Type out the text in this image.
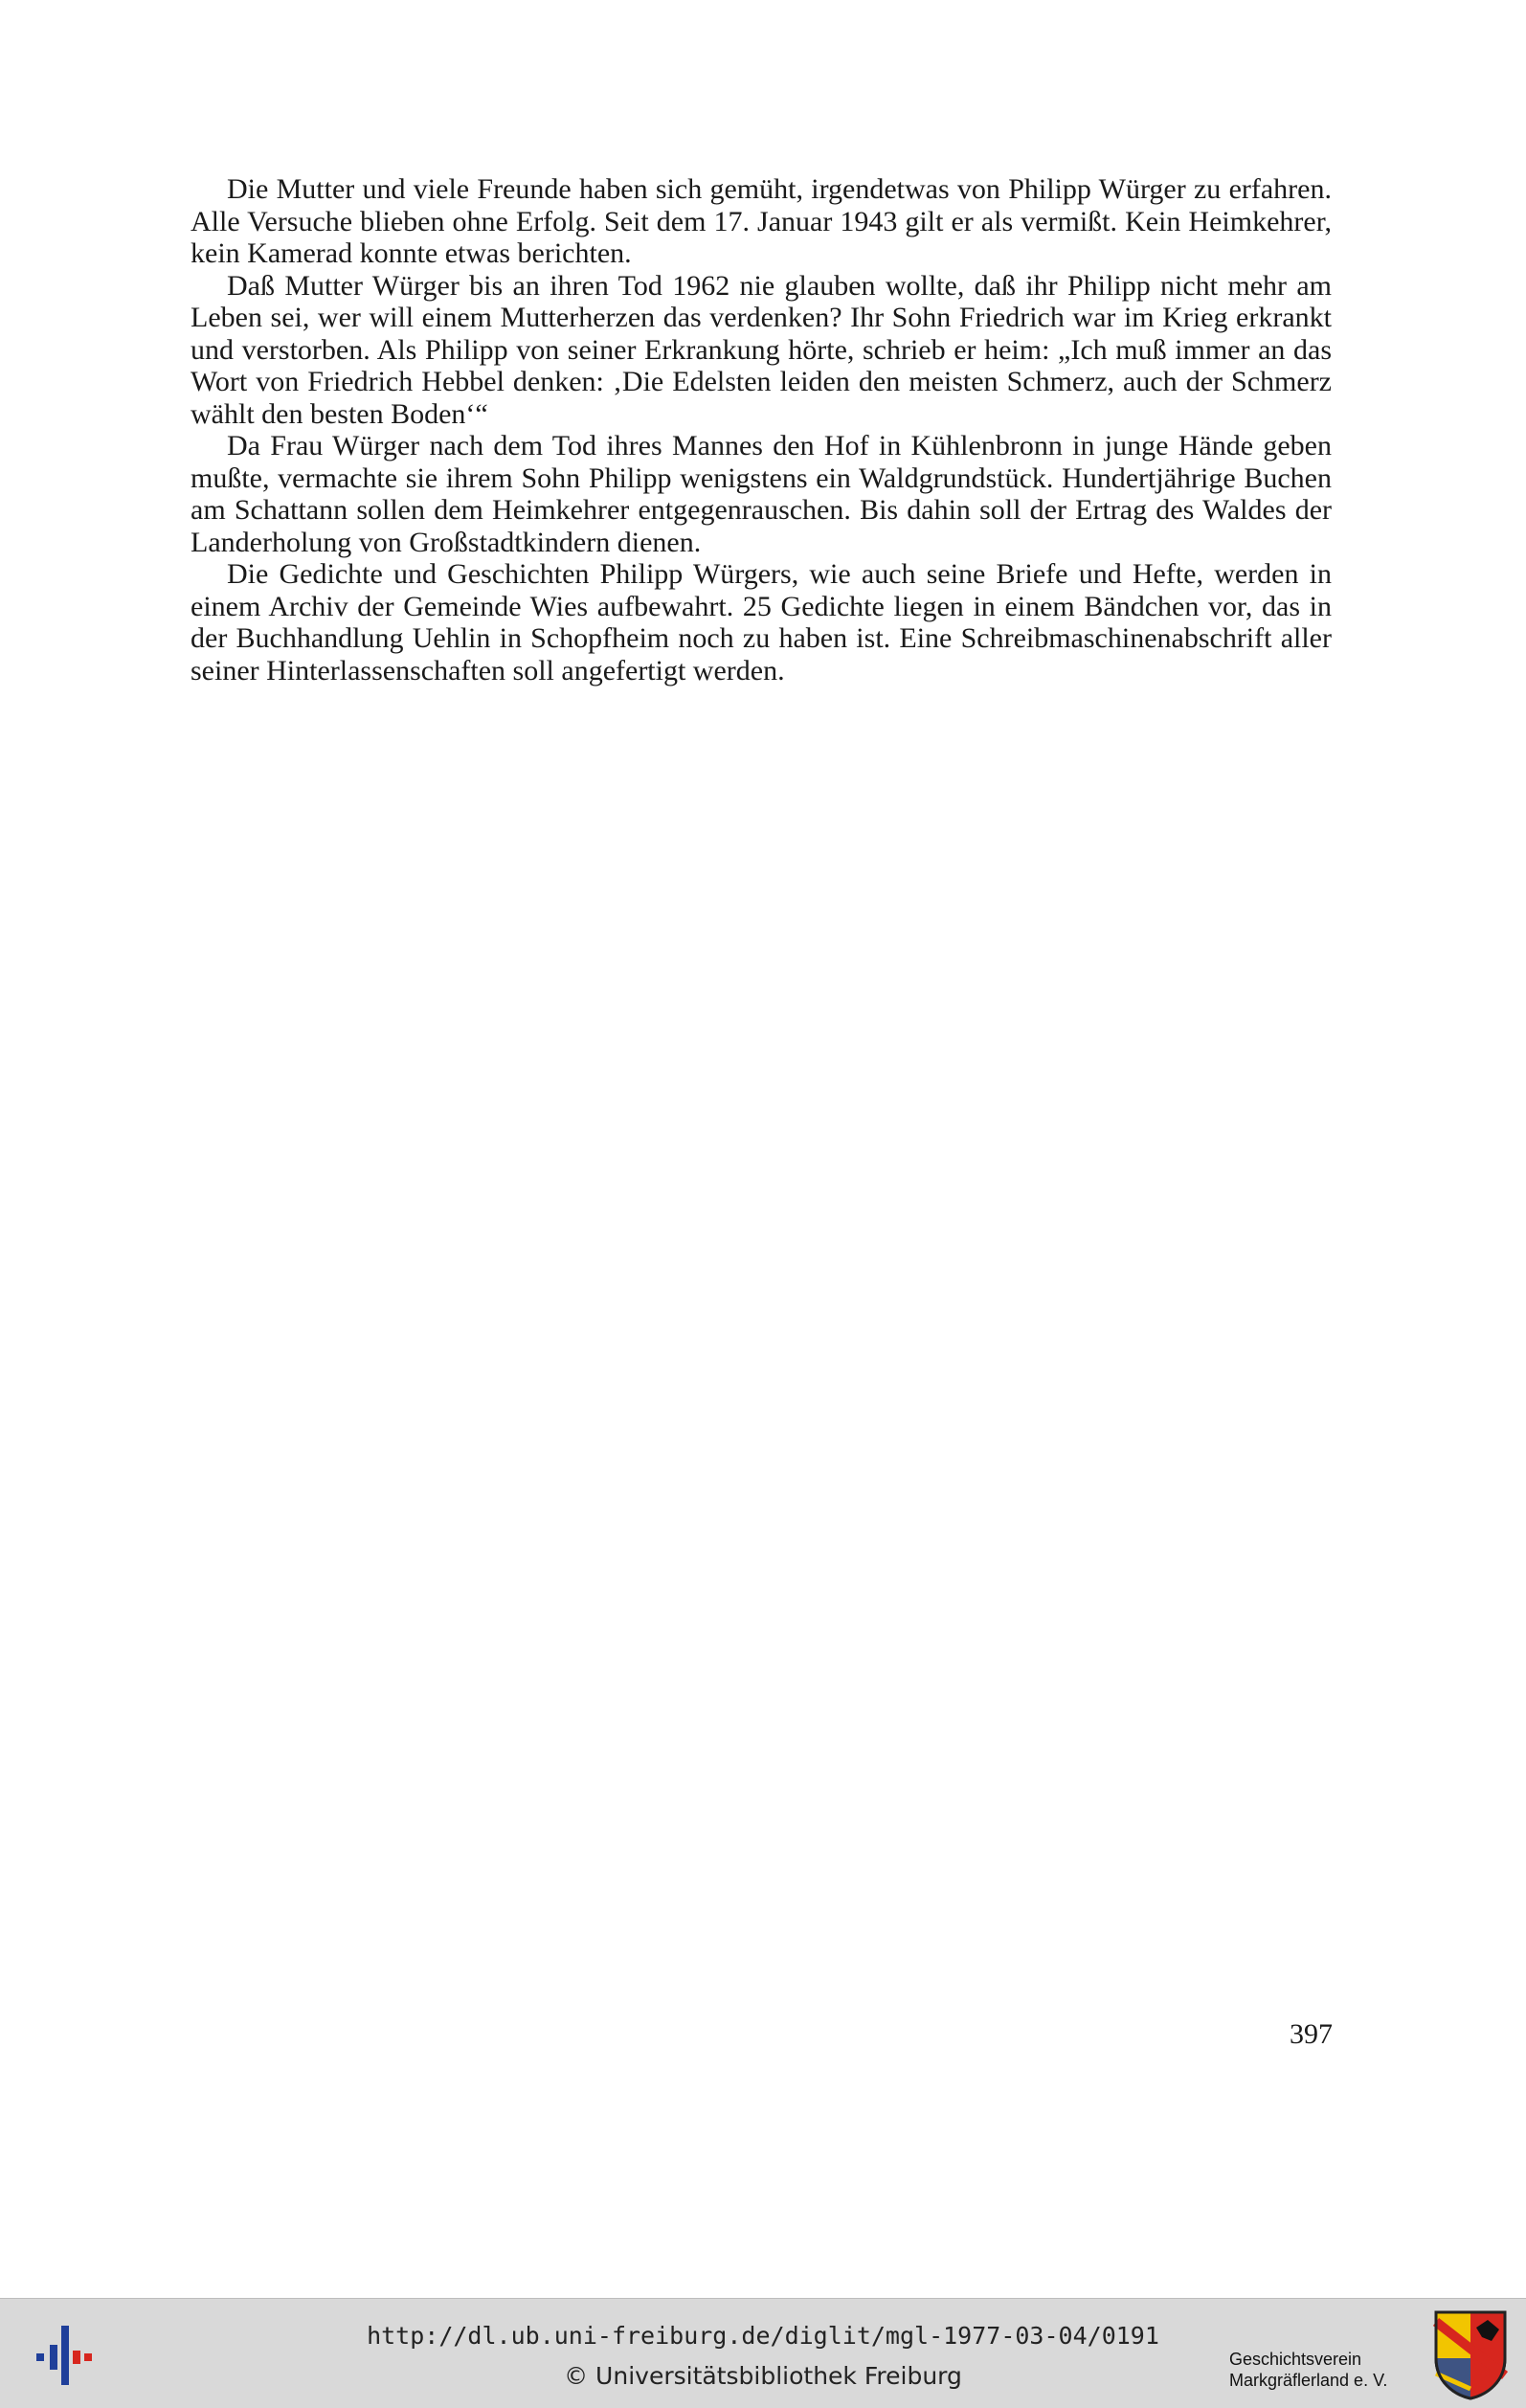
Die Mutter und viele Freunde haben sich gemüht, irgendetwas von Philipp Würger zu erfahren. Alle Versuche blieben ohne Erfolg. Seit dem 17. Januar 1943 gilt er als vermißt. Kein Heimkehrer, kein Kamerad konnte etwas berichten.

Daß Mutter Würger bis an ihren Tod 1962 nie glauben wollte, daß ihr Philipp nicht mehr am Leben sei, wer will einem Mutterherzen das verdenken? Ihr Sohn Friedrich war im Krieg erkrankt und verstorben. Als Philipp von seiner Erkrankung hörte, schrieb er heim: „Ich muß immer an das Wort von Friedrich Hebbel denken: ‚Die Edelsten leiden den meisten Schmerz, auch der Schmerz wählt den besten Boden‘“

Da Frau Würger nach dem Tod ihres Mannes den Hof in Kühlenbronn in junge Hände geben mußte, vermachte sie ihrem Sohn Philipp wenigstens ein Waldgrundstück. Hundertjährige Buchen am Schattann sollen dem Heimkehrer entgegenrauschen. Bis dahin soll der Ertrag des Waldes der Landerholung von Großstadtkindern dienen.

Die Gedichte und Geschichten Philipp Würgers, wie auch seine Briefe und Hefte, werden in einem Archiv der Gemeinde Wies aufbewahrt. 25 Gedichte liegen in einem Bändchen vor, das in der Buchhandlung Uehlin in Schopfheim noch zu haben ist. Eine Schreibmaschinenabschrift aller seiner Hinterlassenschaften soll angefertigt werden.

397
http://dl.ub.uni-freiburg.de/diglit/mgl-1977-03-04/0191
© Universitätsbibliothek Freiburg
Geschichtsverein
Markgräflerland e. V.
